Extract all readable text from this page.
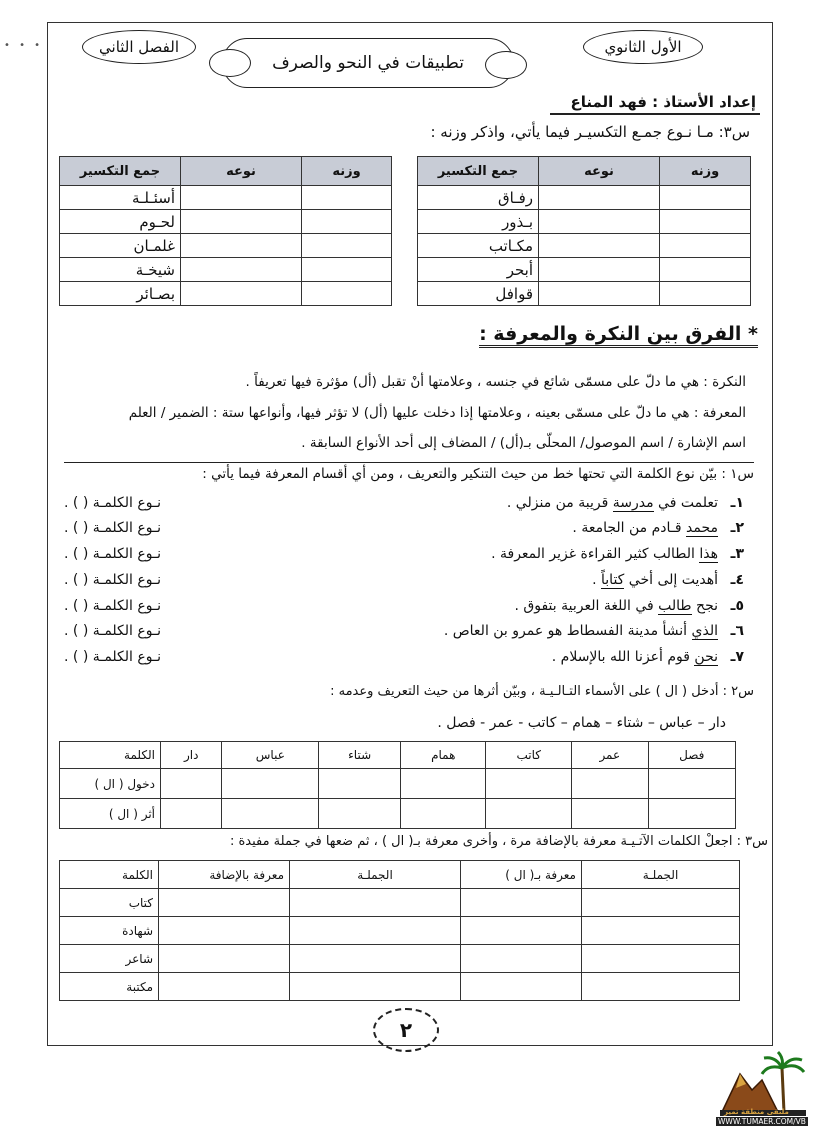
• • •	الأول الثانوي
الفصل الثاني
تطبيقات في النحو والصرف
إعداد الأستاذ : فهد المناع
س٣: مـا نـوع جمـع التكسيـر فيما يأتي، واذكر وزنه :
جمع التكسير	نوعه	وزنه
رفـاق		
بـذور		
مكـاتب		
أبحر		
قوافل		
جمع التكسير	نوعه	وزنه
أسئـلـة		
لحـوم		
غلمـان		
شيخـة		
بصـائر		
* الفرق بين النكرة والمعرفة :
النكرة : هي ما دلّ على مسمّى شائع في جنسه ، وعلامتها أنْ تقبل (أل) مؤثرة فيها تعريفاً .
المعرفة : هي ما دلّ على مسمّى بعينه ، وعلامتها إذا دخلت عليها (أل) لا تؤثر فيها، وأنواعها ستة : الضمير / العلم
اسم الإشارة / اسم الموصول/ المحلّى بـ(أل) / المضاف إلى أحد الأنواع السابقة .
س١ : بيّن نوع الكلمة التي تحتها خط من حيث التنكير والتعريف ، ومن أي أقسام المعرفة فيما يأتي :
١ـتعلمت في مدرسة قريبة من منزلي .
نـوع الكلمـة ( ) .
٢ـمحمد قـادم من الجامعة .
نـوع الكلمـة ( ) .
٣ـهذا الطالب كثير القراءة غزير المعرفة .
نـوع الكلمـة ( ) .
٤ـأهديت إلى أخي كتاباً .
نـوع الكلمـة ( ) .
٥ـنجح طالب في اللغة العربية بتفوق .
نـوع الكلمـة ( ) .
٦ـالذي أنشأ مدينة الفسطاط هو عمرو بن العاص .
نـوع الكلمـة ( ) .
٧ـنحن قوم أعزنا الله بالإسلام .
نـوع الكلمـة ( ) .
س٢ : أدخل ( ال ) على الأسماء التـالـيـة ، وبيّن أثرها من حيث التعريف وعدمه :
دار – عباس – شتاء – همام – كاتب - عمر - فصل .
الكلمة	دار	عباس	شتاء	همام	كاتب	عمر	فصل
دخول ( ال )							
أثر ( ال )							
س٣ : اجعلْ الكلمات الآتـيـة معرفة بالإضافة مرة ، وأخرى معرفة بـ( ال ) ، ثم ضعها في جملة مفيدة :
الكلمة	معرفة بالإضافة	الجملـة	معرفة بـ( ال )	الجملـة
كتاب				
شهادة				
شاعر				
مكتبة				
٢
ملتقى منطقة تمير
WWW.TUMAER.COM/VB
